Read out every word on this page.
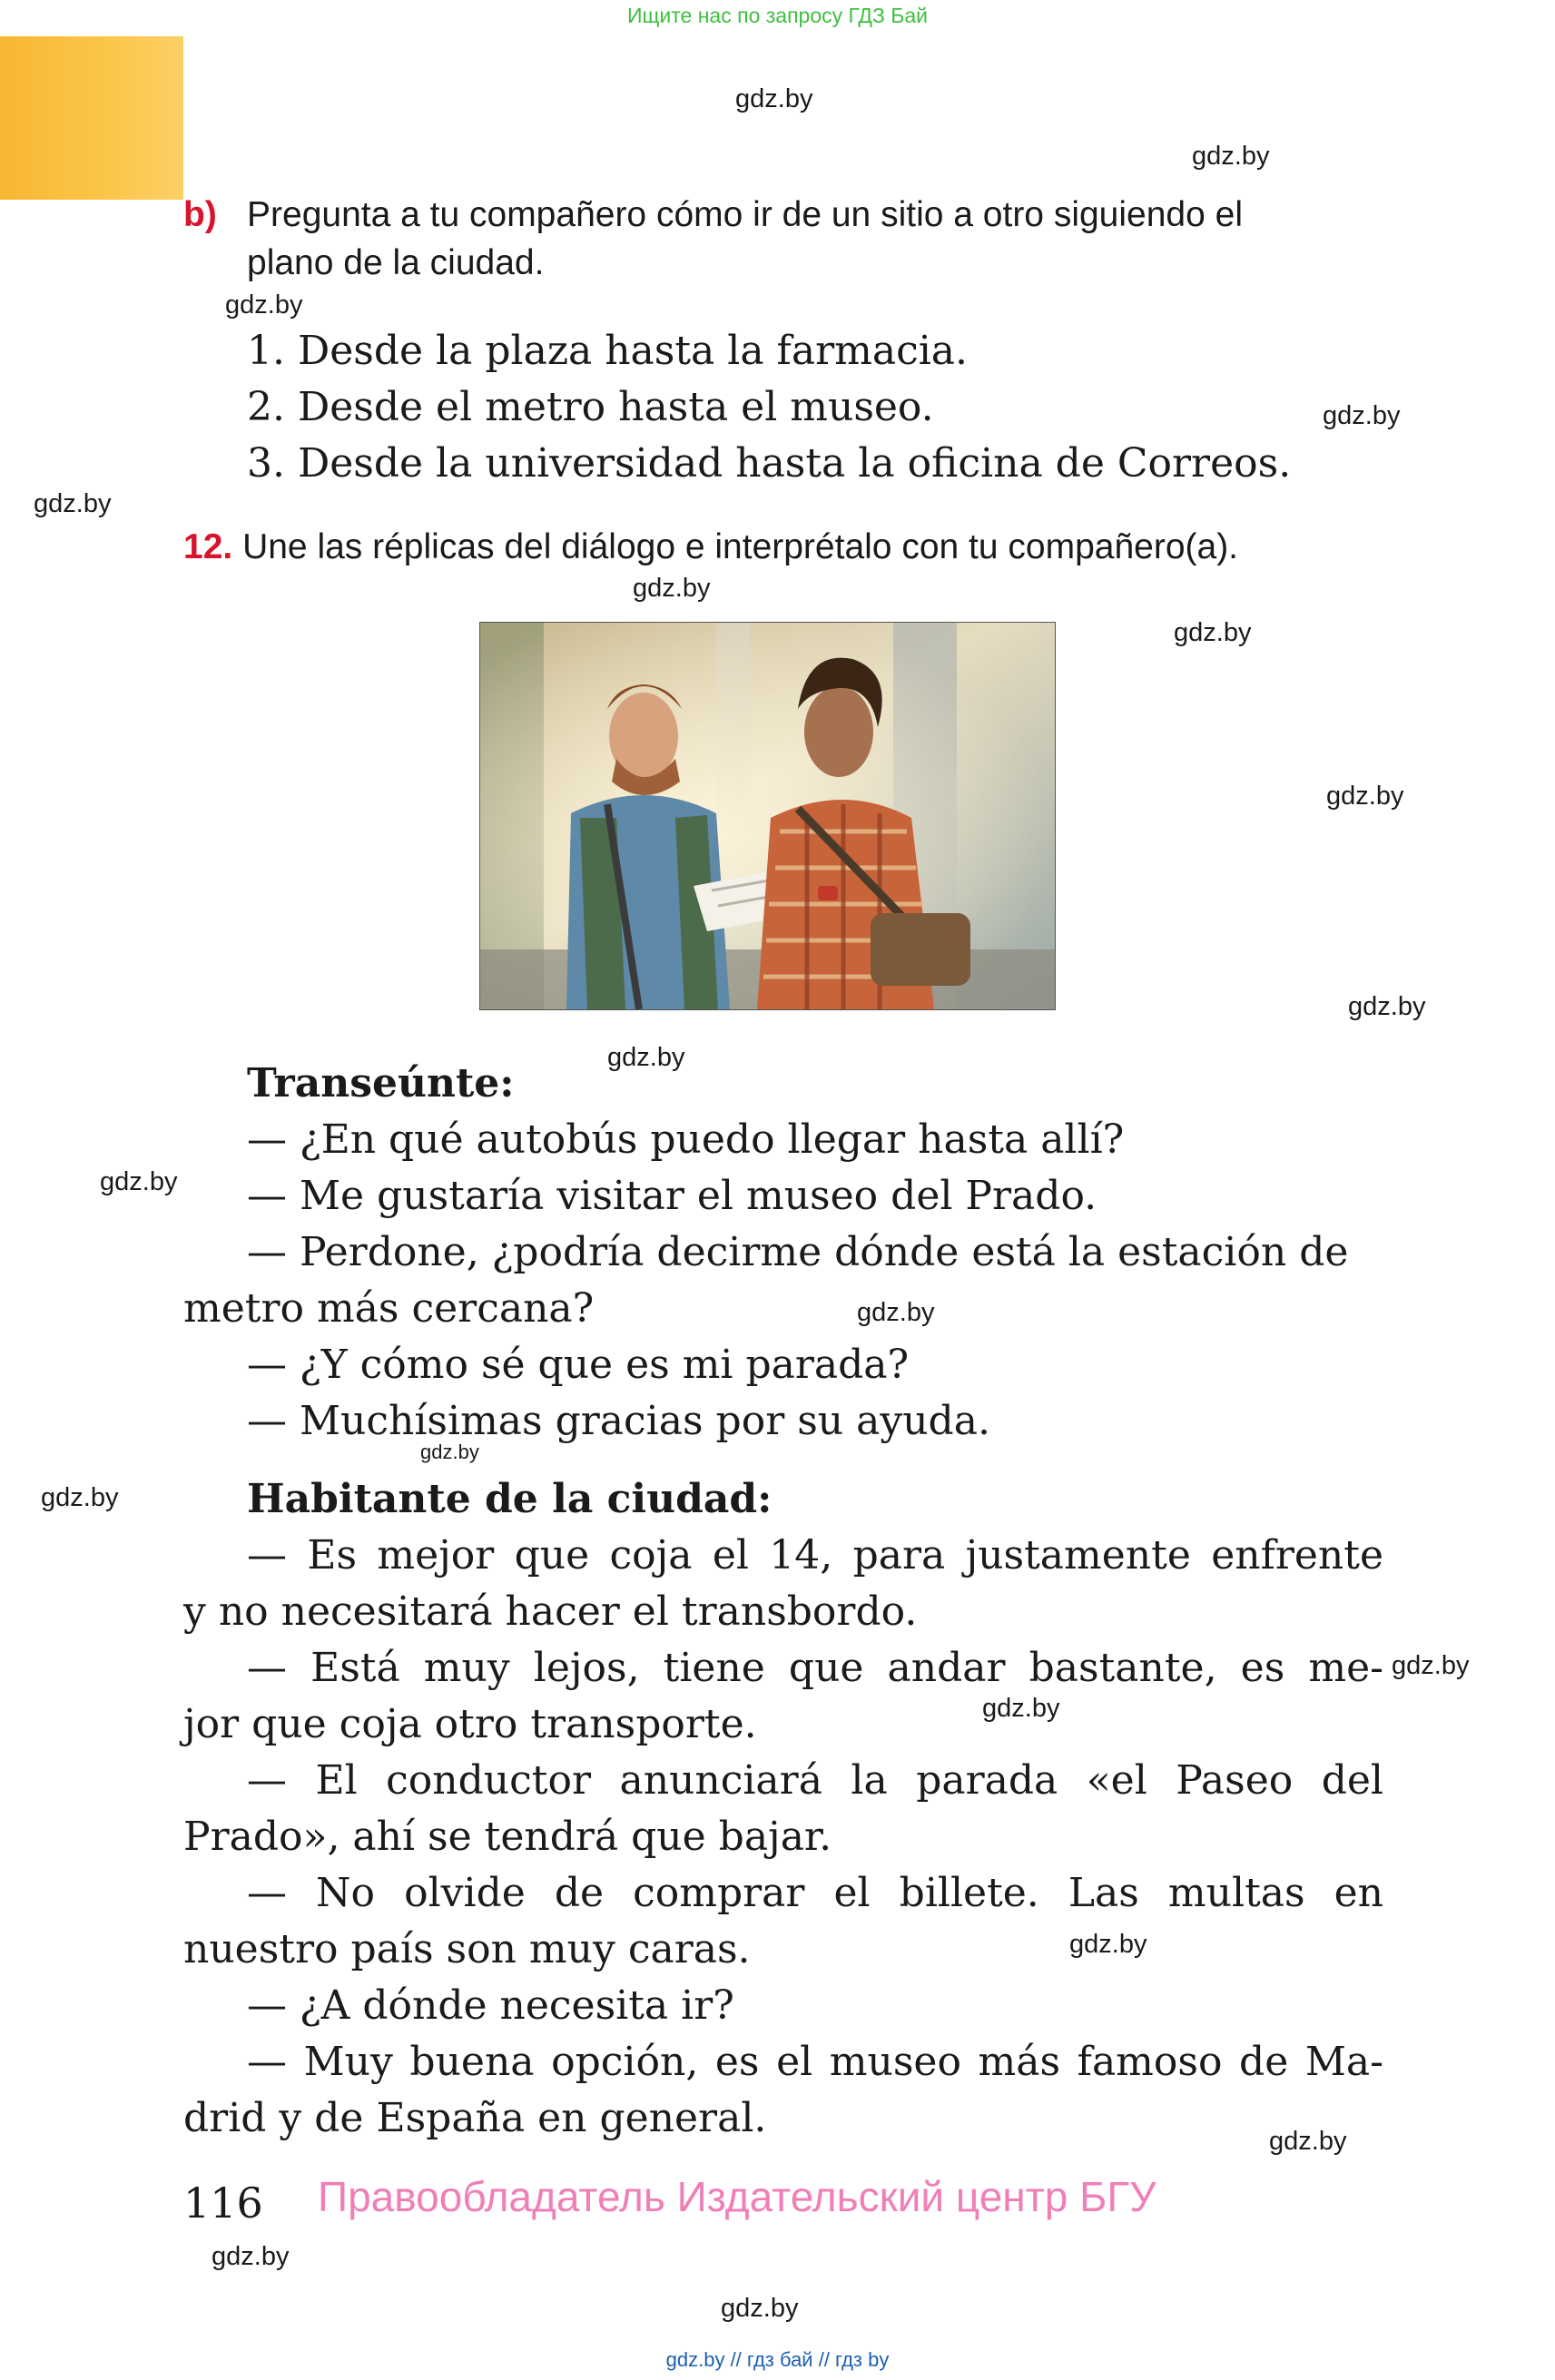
Ищите нас по запросу ГДЗ Бай
gdz.by
gdz.by
gdz.by
gdz.by
gdz.by
gdz.by
gdz.by
gdz.by
gdz.by
gdz.by
gdz.by
gdz.by
gdz.by
gdz.by
gdz.by
gdz.by
gdz.by
gdz.by
gdz.by
gdz.by
b) Pregunta a tu compañero cómo ir de un sitio a otro siguiendo el
plano de la ciudad.
1. Desde la plaza hasta la farmacia.
2. Desde el metro hasta el museo.
3. Desde la universidad hasta la oficina de Correos.
12. Une las réplicas del diálogo e interprétalo con tu compañero(a).
Transeúnte:
— ¿En qué autobús puedo llegar hasta allí?
— Me gustaría visitar el museo del Prado.
— Perdone, ¿podría decirme dónde está la estación de
metro más cercana?
— ¿Y cómo sé que es mi parada?
— Muchísimas gracias por su ayuda.
Habitante de la ciudad:
— Es mejor que coja el 14, para justamente enfrente
y no necesitará hacer el transbordo.
— Está muy lejos, tiene que andar bastante, es me-
jor que coja otro transporte.
— El conductor anunciará la parada «el Paseo del
Prado», ahí se tendrá que bajar.
— No olvide de comprar el billete. Las multas en
nuestro país son muy caras.
— ¿A dónde necesita ir?
— Muy buena opción, es el museo más famoso de Ma-
drid y de España en general.
116 Правообладатель Издательский центр БГУ
gdz.by // гдз бай // гдз by
